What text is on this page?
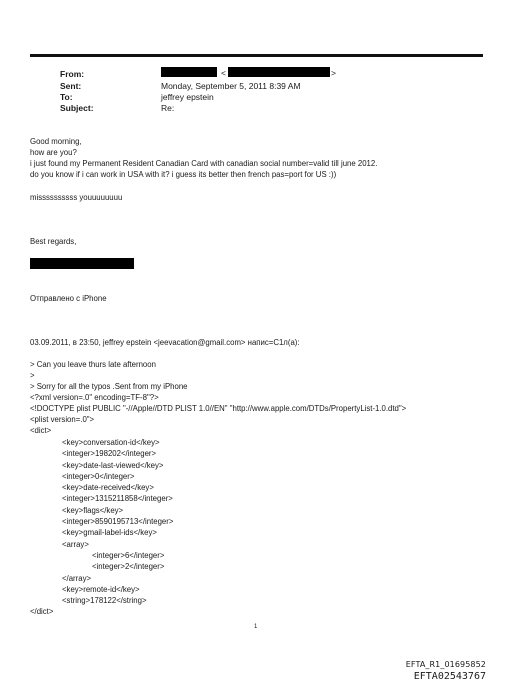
From:	<	>
Sent:	Monday, September 5, 2011 8:39 AM
To:	jeffrey epstein
Subject:	Re:
Good morning,
how are you?
i just found my Permanent Resident Canadian Card with canadian social number=valid till june 2012.
do you know if i can work in USA with it? i guess its better then french pas=port for US :))
missssssssss youuuuuuuu
Best regards,
Отправлено с iPhone
03.09.2011, в 23:50, jeffrey epstein <jeevacation@gmail.com> напис=C1л(а):
> Can you leave thurs late afternoon
>
> Sorry for all the typos .Sent from my iPhone
<?xml version=.0" encoding=TF-8"?>
<!DOCTYPE plist PUBLIC "-//Apple//DTD PLIST 1.0//EN" "http://www.apple.com/DTDs/PropertyList-1.0.dtd">
<plist version=.0">
<dict>
<key>conversation-id</key>
<integer>198202</integer>
<key>date-last-viewed</key>
<integer>0</integer>
<key>date-received</key>
<integer>1315211858</integer>
<key>flags</key>
<integer>8590195713</integer>
<key>gmail-label-ids</key>
<array>
<integer>6</integer>
<integer>2</integer>
</array>
<key>remote-id</key>
<string>178122</string>
</dict>
1
EFTA_R1_01695852
EFTA02543767
